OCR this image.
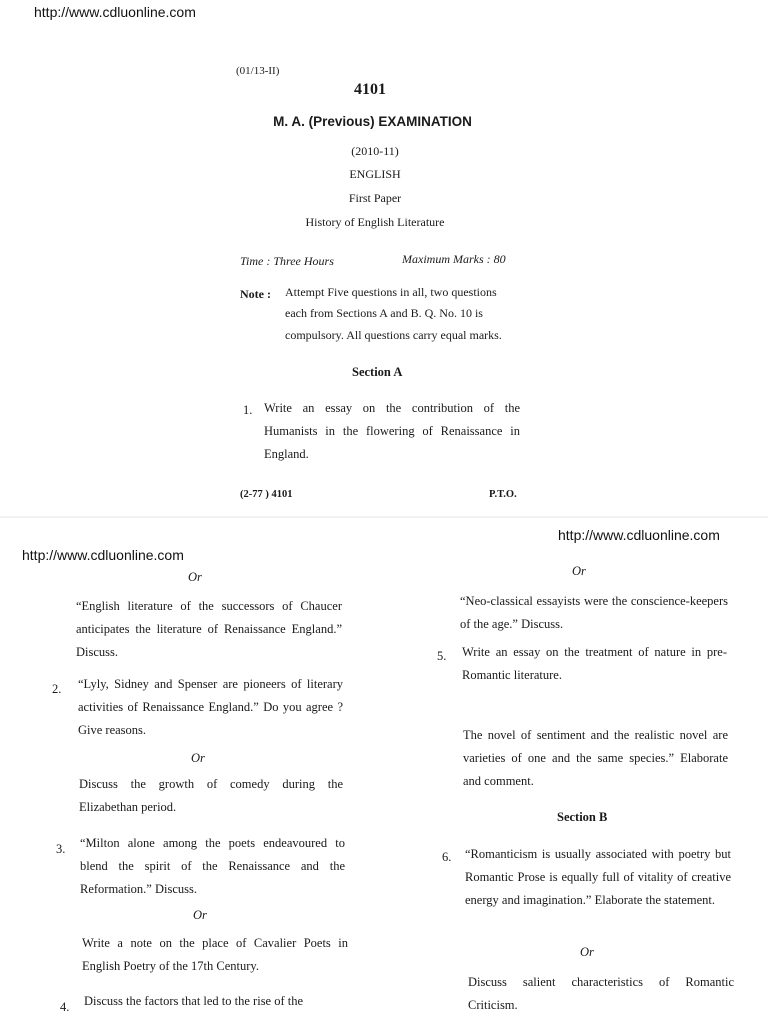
http://www.cdluonline.com
http://www.cdluonline.com
http://www.cdluonline.com
(01/13-II)
4101
M. A. (Previous) EXAMINATION
(2010-11)
ENGLISH
First Paper
History of English Literature
Time : Three Hours	Maximum Marks : 80
Note : Attempt Five questions in all, two questions
each from Sections A and B. Q. No. 10 is
compulsory. All questions carry equal marks.
Section A
1. Write an essay on the contribution of the Humanists in the flowering of Renaissance in England.
(2-77 ) 4101	P.T.O.
Or
“English literature of the successors of Chaucer anticipates the literature of Renaissance England.” Discuss.
2. “Lyly, Sidney and Spenser are pioneers of literary activities of Renaissance England.” Do you agree ? Give reasons.
Or
Discuss the growth of comedy during the Elizabethan period.
3. “Milton alone among the poets endeavoured to blend the spirit of the Renaissance and the Reformation.” Discuss.
Or
Write a note on the place of Cavalier Poets in English Poetry of the 17th Century.
4. Discuss the factors that led to the rise of the
Or
“Neo-classical essayists were the conscience-keepers of the age.” Discuss.
5. Write an essay on the treatment of nature in pre-Romantic literature.
The novel of sentiment and the realistic novel are varieties of one and the same species.” Elaborate and comment.
Section B
6. “Romanticism is usually associated with poetry but Romantic Prose is equally full of vitality of creative energy and imagination.” Elaborate the statement.
Or
Discuss salient characteristics of Romantic Criticism.
